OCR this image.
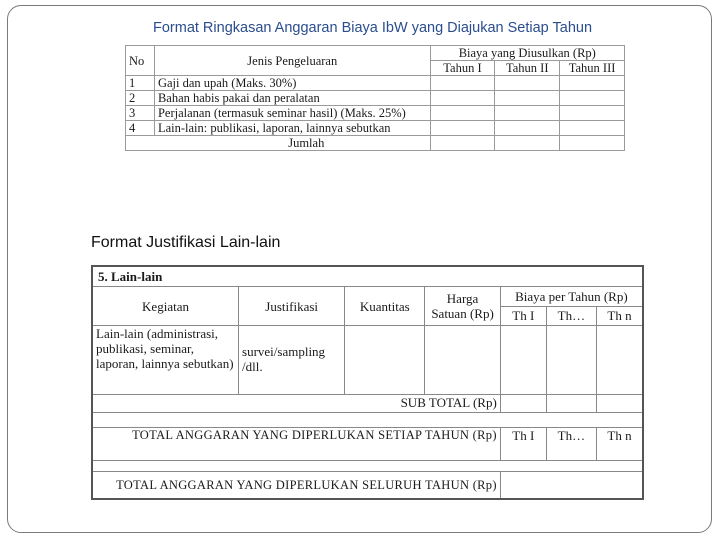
Format Ringkasan Anggaran Biaya IbW yang Diajukan Setiap Tahun
No	Jenis Pengeluaran	Biaya yang Diusulkan (Rp)		
		Tahun I	Tahun II	Tahun III
1	Gaji dan upah (Maks. 30%)			
2	Bahan habis pakai dan peralatan			
3	Perjalanan (termasuk seminar hasil) (Maks. 25%)			
4	Lain-lain: publikasi, laporan, lainnya sebutkan			
Jumlah				
Format Justifikasi Lain-lain
5. Lain-lain						
Kegiatan	Justifikasi	Kuantitas	Harga Satuan (Rp)	Biaya per Tahun (Rp)		
				Th I	Th…	Th n
Lain-lain (administrasi, publikasi, seminar, laporan, lainnya sebutkan)	survei/sampling /dll.					
SUB TOTAL (Rp)						

TOTAL ANGGARAN YANG DIPERLUKAN SETIAP TAHUN (Rp)				Th I	Th…	Th n

TOTAL ANGGARAN YANG DIPERLUKAN SELURUH TAHUN (Rp)						
